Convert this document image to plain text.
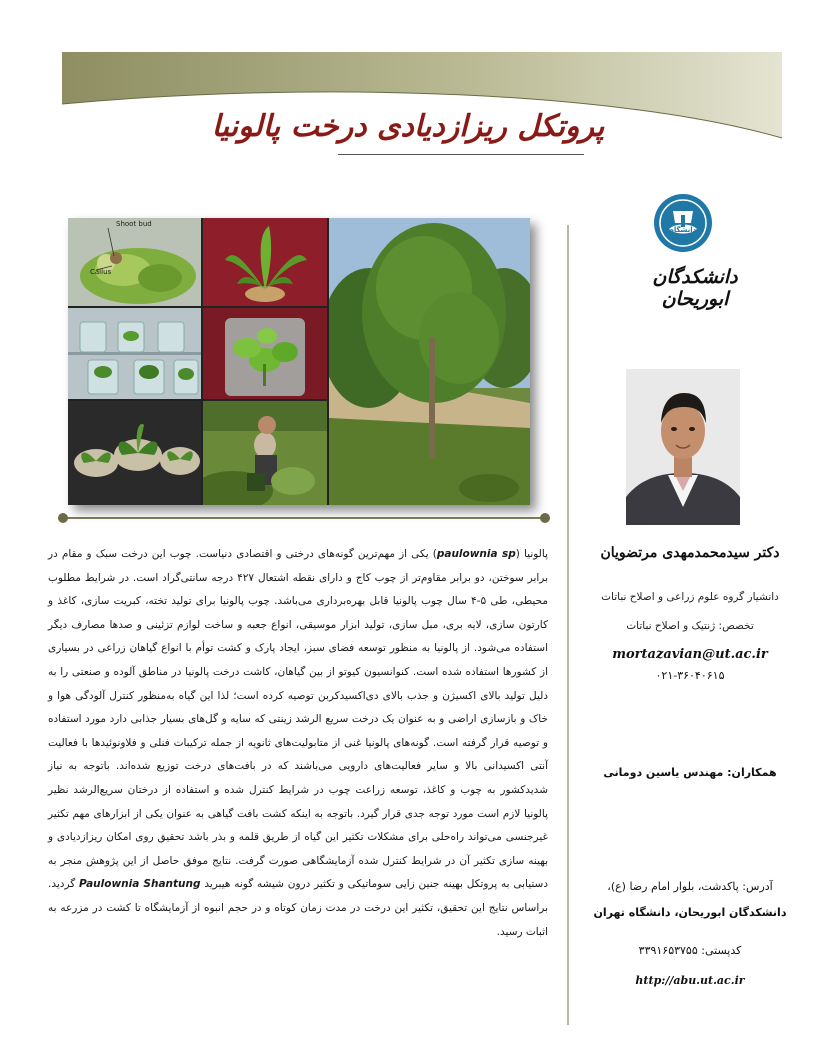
پروتکل ریزازدیادی درخت پالونیا
Shoot bud
Callus
دانشگاه
دانشکدگان ابوریحان
دکتر سیدمحمدمهدی مرتضویان
دانشیار گروه علوم زراعی و اصلاح نباتات
تخصص: ژنتیک و اصلاح نباتات
mortazavian@ut.ac.ir
۰۲۱-۳۶۰۴۰۶۱۵
همکاران: مهندس یاسین دومانی
آدرس: پاکدشت، بلوار امام رضا (ع)،
دانشکدگان ابوریحان، دانشگاه تهران
کدپستی: ۳۳۹۱۶۵۳۷۵۵
http://abu.ut.ac.ir
پالونیا (paulownia sp) یکی از مهم‌ترین گونه‌های درختی و اقتصادی دنیاست. چوب این درخت سبک و مقام در برابر سوختن، دو برابر مقاوم‌تر از چوب کاج و دارای نقطه اشتعال ۴۲۷ درجه سانتی‌گراد است. در شرایط مطلوب محیطی، طی ۵-۴ سال چوب پالونیا قابل بهره‌برداری می‌باشد. چوب پالونیا برای تولید تخته، کبریت سازی، کاغذ و کارتون سازی، لایه بری، مبل سازی، تولید ابزار موسیقی، انواع جعبه و ساخت لوازم تزئینی و صدها مصارف دیگر استفاده می‌شود. از پالونیا به منظور توسعه فضای سبز، ایجاد پارک و کشت توأم با انواع گیاهان زراعی در بسیاری از کشورها استفاده شده است. کنوانسیون کیوتو از بین گیاهان، کاشت درخت پالونیا در مناطق آلوده و صنعتی را به دلیل تولید بالای اکسیژن و جذب بالای دی‌اکسیدکربن توصیه کرده است؛ لذا این گیاه به‌منظور کنترل آلودگی هوا و خاک و بازسازی اراضی و به عنوان یک درخت سریع الرشد زینتی که سایه و گل‌های بسیار جذابی دارد مورد استفاده و توصیه قرار گرفته است. گونه‌های پالونیا غنی از متابولیت‌های ثانویه از جمله ترکیبات فنلی و فلاونوئیدها با فعالیت آنتی اکسیدانی بالا و سایر فعالیت‌های دارویی می‌باشند که در بافت‌های درخت توزیع شده‌اند. باتوجه به نیاز شدیدکشور به چوب و کاغذ، توسعه زراعت چوب در شرایط کنترل شده و استفاده از درختان سریع‌الرشد نظیر پالونیا لازم است مورد توجه جدی قرار گیرد. باتوجه به اینکه کشت بافت گیاهی به عنوان یکی از ابزارهای مهم تکثیر غیرجنسی می‌تواند راه‌حلی برای مشکلات تکثیر این گیاه از طریق قلمه و بذر باشد تحقیق روی امکان ریزازدیادی و بهینه سازی تکثیر آن در شرایط کنترل شده آزمایشگاهی صورت گرفت. نتایج موفق حاصل از این پژوهش منجر به دستیابی به پروتکل بهینه جنین زایی سوماتیکی و تکثیر درون شیشه گونه هیبرید Paulownia Shantung گردید. براساس نتایج این تحقیق، تکثیر این درخت در مدت زمان کوتاه و در حجم انبوه از آزمایشگاه تا کشت در مزرعه به اثبات رسید.
